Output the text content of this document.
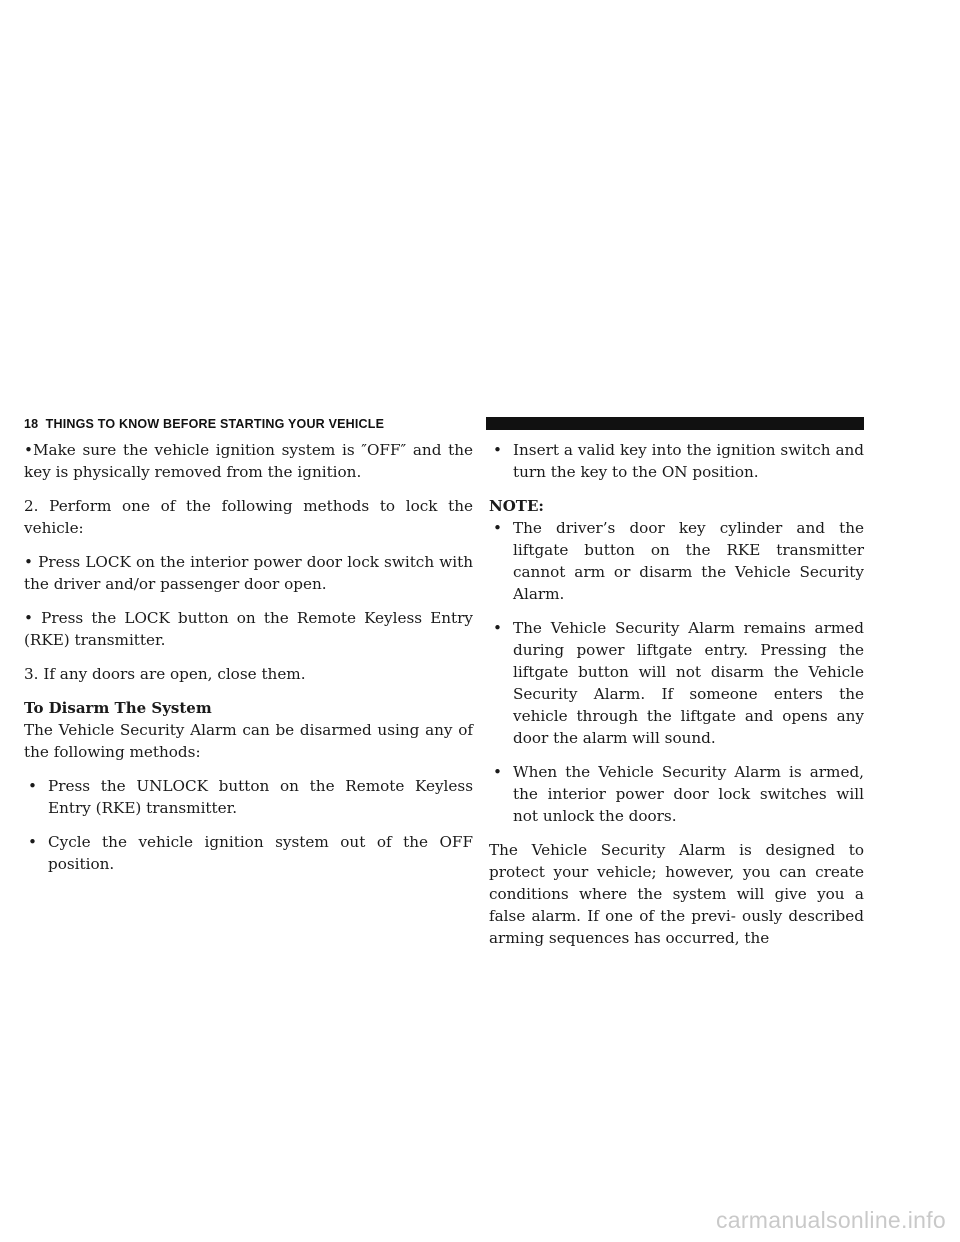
18 THINGS TO KNOW BEFORE STARTING YOUR VEHICLE

•Make sure the vehicle ignition system is ″OFF″ and the key is physically removed from the ignition.

2. Perform one of the following methods to lock the vehicle:

• Press LOCK on the interior power door lock switch with the driver and/or passenger door open.

• Press the LOCK button on the Remote Keyless Entry (RKE) transmitter.

3. If any doors are open, close them.

To Disarm The System

The Vehicle Security Alarm can be disarmed using any of the following methods:

• Press the UNLOCK button on the Remote Keyless Entry (RKE) transmitter.
• Cycle the vehicle ignition system out of the OFF position.
• Insert a valid key into the ignition switch and turn the key to the ON position.

NOTE:

• The driver’s door key cylinder and the liftgate button on the RKE transmitter cannot arm or disarm the Vehicle Security Alarm.
• The Vehicle Security Alarm remains armed during power liftgate entry. Pressing the liftgate button will not disarm the Vehicle Security Alarm. If someone enters the vehicle through the liftgate and opens any door the alarm will sound.
• When the Vehicle Security Alarm is armed, the interior power door lock switches will not unlock the doors.

The Vehicle Security Alarm is designed to protect your vehicle; however, you can create conditions where the system will give you a false alarm. If one of the previ- ously described arming sequences has occurred, the

carmanualsonline.info
